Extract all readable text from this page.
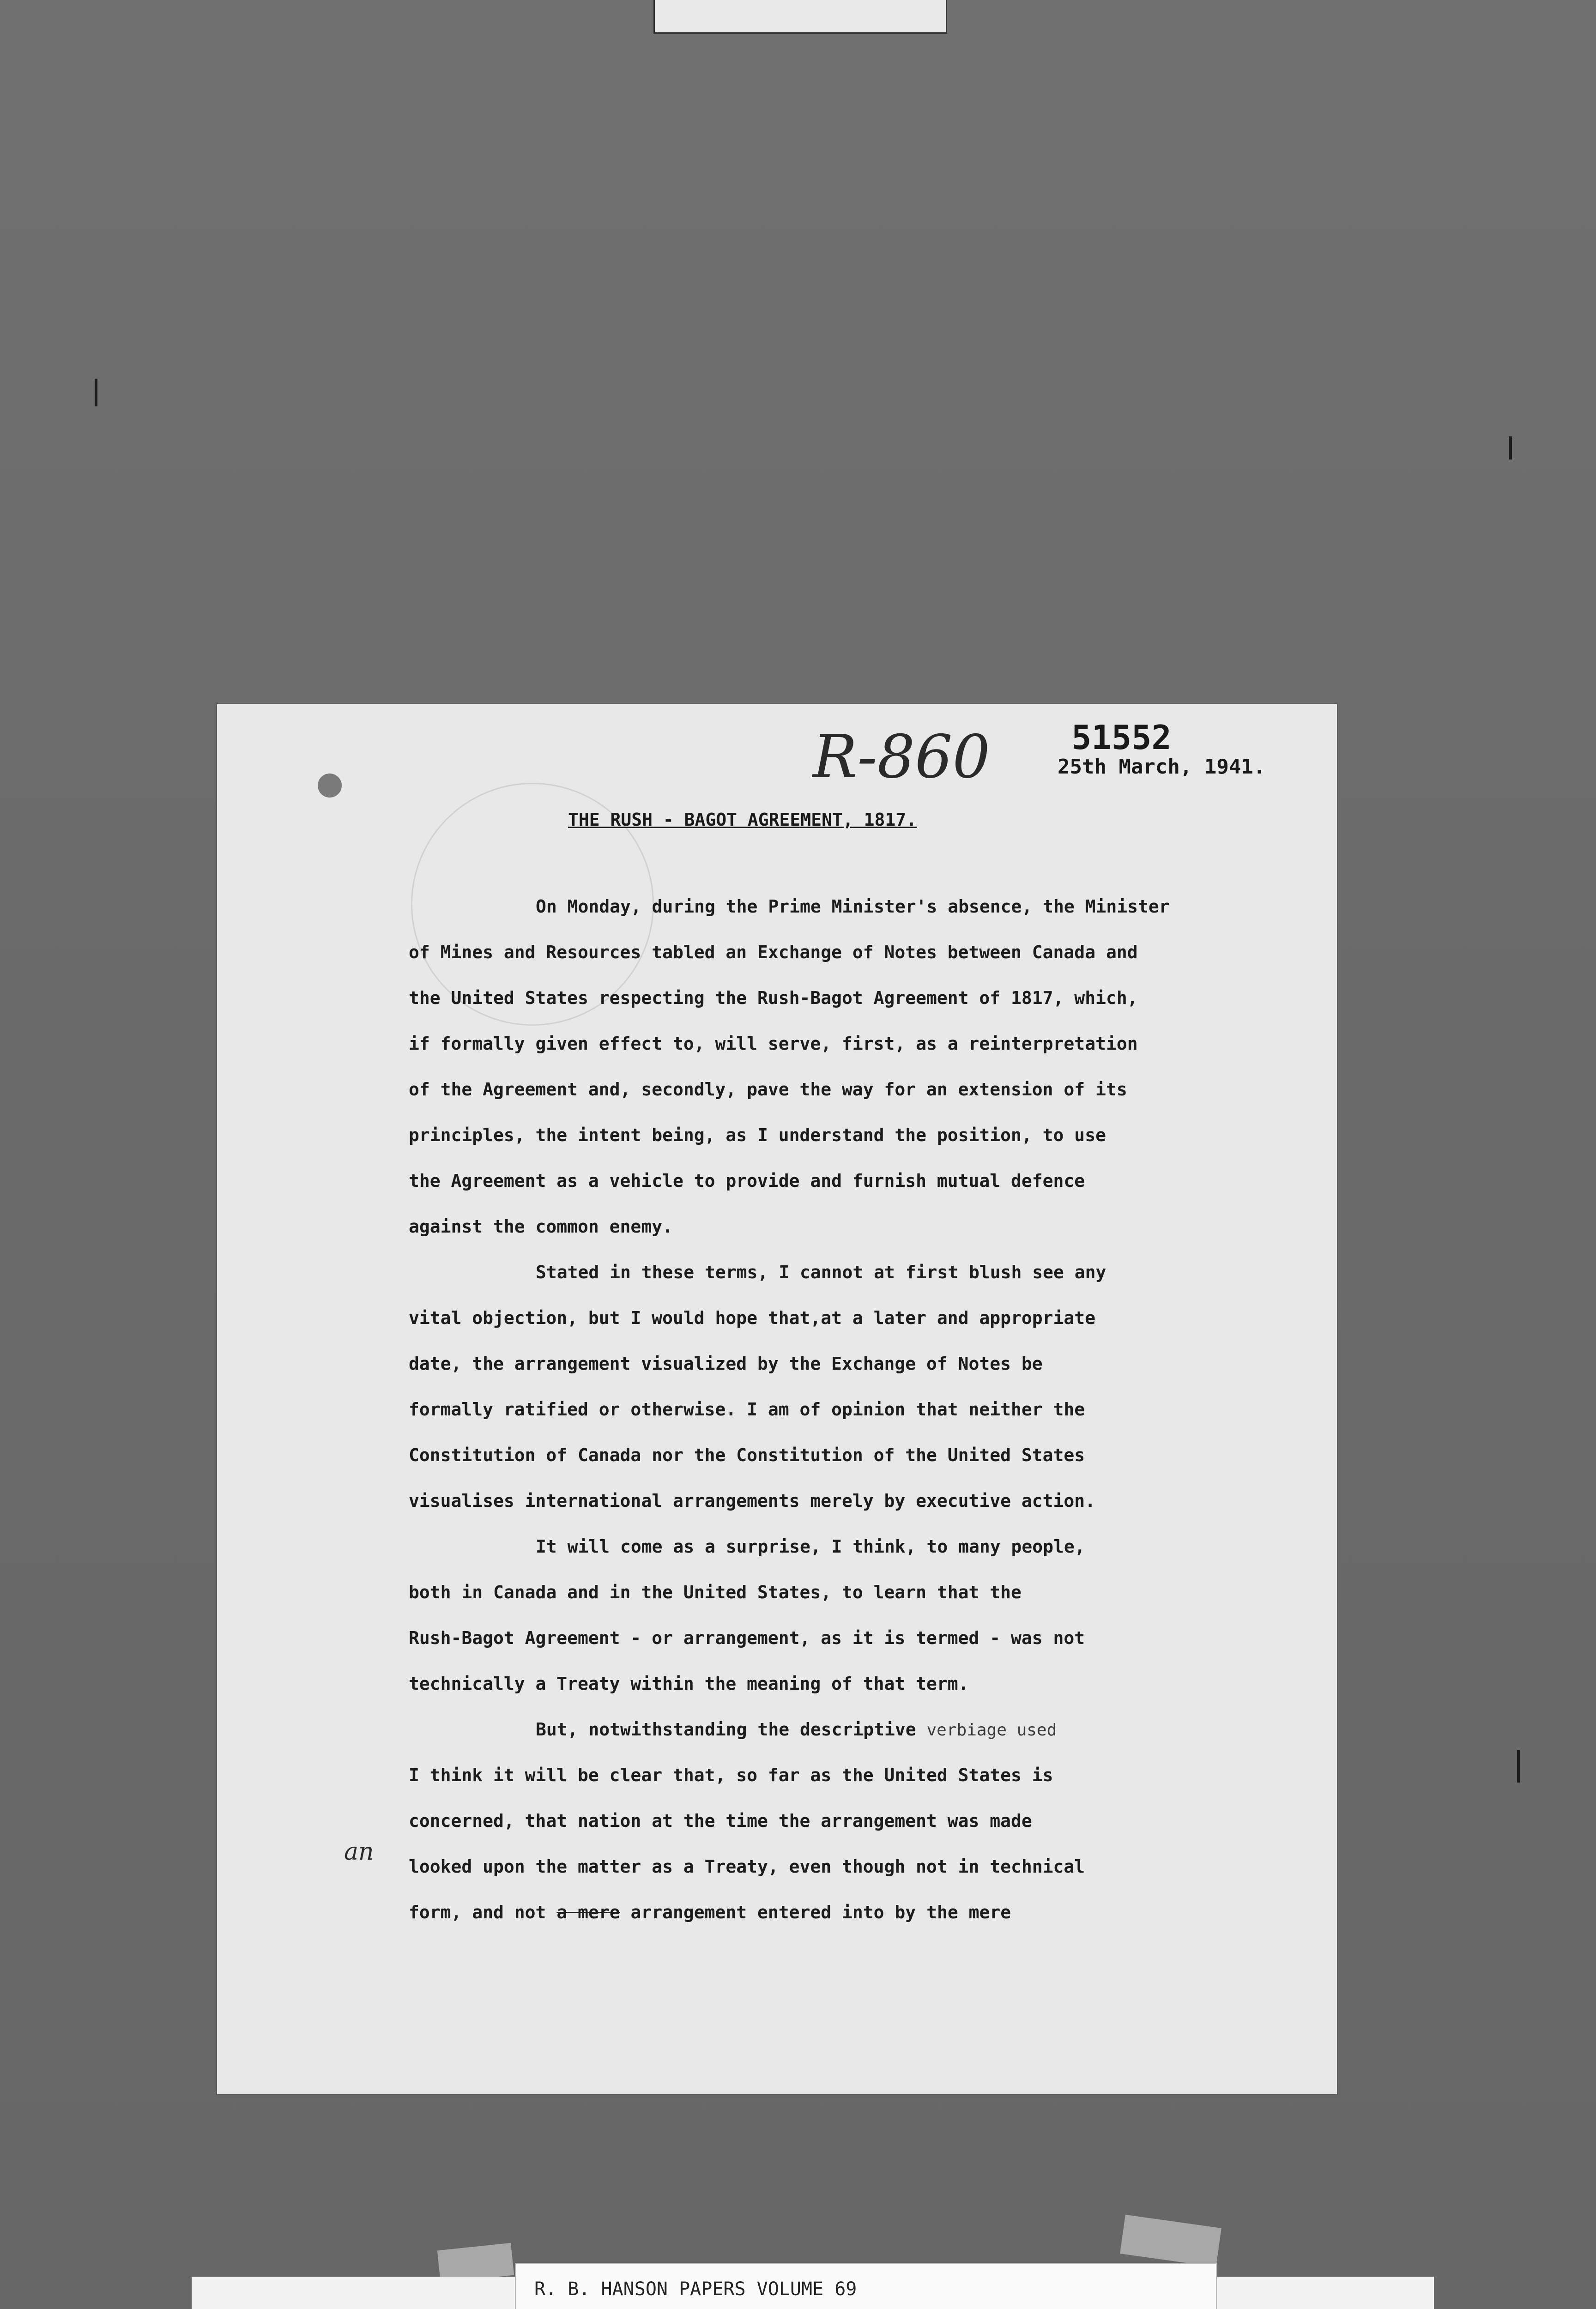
R-860 51552
25th March, 1941.
THE RUSH - BAGOT AGREEMENT, 1817.
On Monday, during the Prime Minister's absence, the Minister
of Mines and Resources tabled an Exchange of Notes between Canada and
the United States respecting the Rush-Bagot Agreement of 1817, which,
if formally given effect to, will serve, first, as a reinterpretation
of the Agreement and, secondly, pave the way for an extension of its
principles, the intent being, as I understand the position, to use
the Agreement as a vehicle to provide and furnish mutual defence
against the common enemy.
Stated in these terms, I cannot at first blush see any
vital objection, but I would hope that,at a later and appropriate
date, the arrangement visualized by the Exchange of Notes be
formally ratified or otherwise. I am of opinion that neither the
Constitution of Canada nor the Constitution of the United States
visualises international arrangements merely by executive action.
It will come as a surprise, I think, to many people,
both in Canada and in the United States, to learn that the
Rush-Bagot Agreement - or arrangement, as it is termed - was not
technically a Treaty within the meaning of that term.
But, notwithstanding the descriptive verbiage used
I think it will be clear that, so far as the United States is
concerned, that nation at the time the arrangement was made
looked upon the matter as a Treaty, even though not in technical
form, and not a mere arrangement entered into by the mere
an
R. B. HANSON PAPERS VOLUME 69
